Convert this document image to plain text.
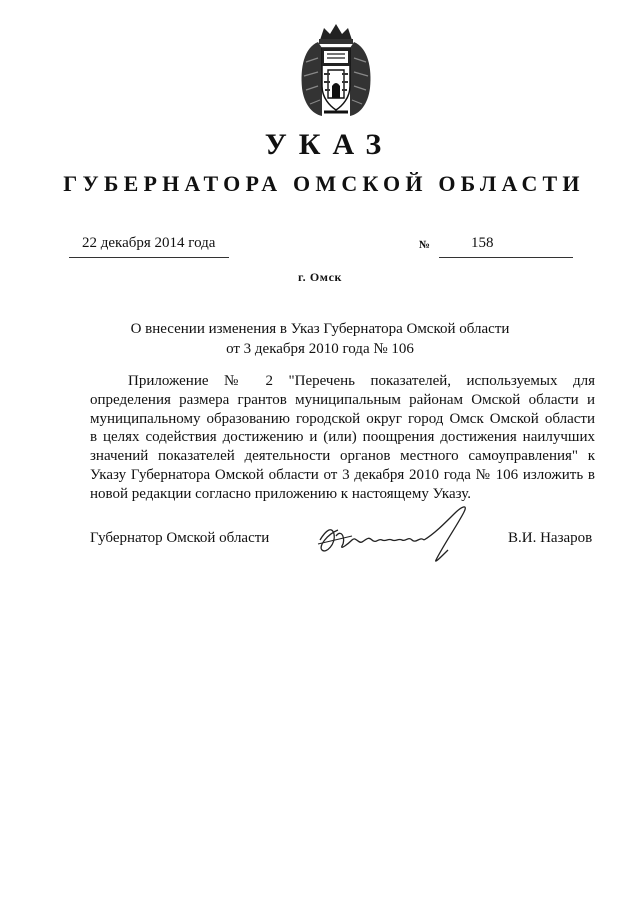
УКАЗ
ГУБЕРНАТОРА ОМСКОЙ ОБЛАСТИ
22 декабря 2014 года	№	158
г. Омск
О внесении изменения в Указ Губернатора Омской области
от 3 декабря 2010 года № 106
Приложение № 2 "Перечень показателей, используемых для
определения размера грантов муниципальным районам Омской области и
муниципальному образованию городской округ город Омск Омской области
в целях содействия достижению и (или) поощрения достижения наилучших
значений показателей деятельности органов местного самоуправления" к
Указу Губернатора Омской области от 3 декабря 2010 года № 106 изложить в
новой редакции согласно приложению к настоящему Указу.
Губернатор Омской области	В.И. Назаров
